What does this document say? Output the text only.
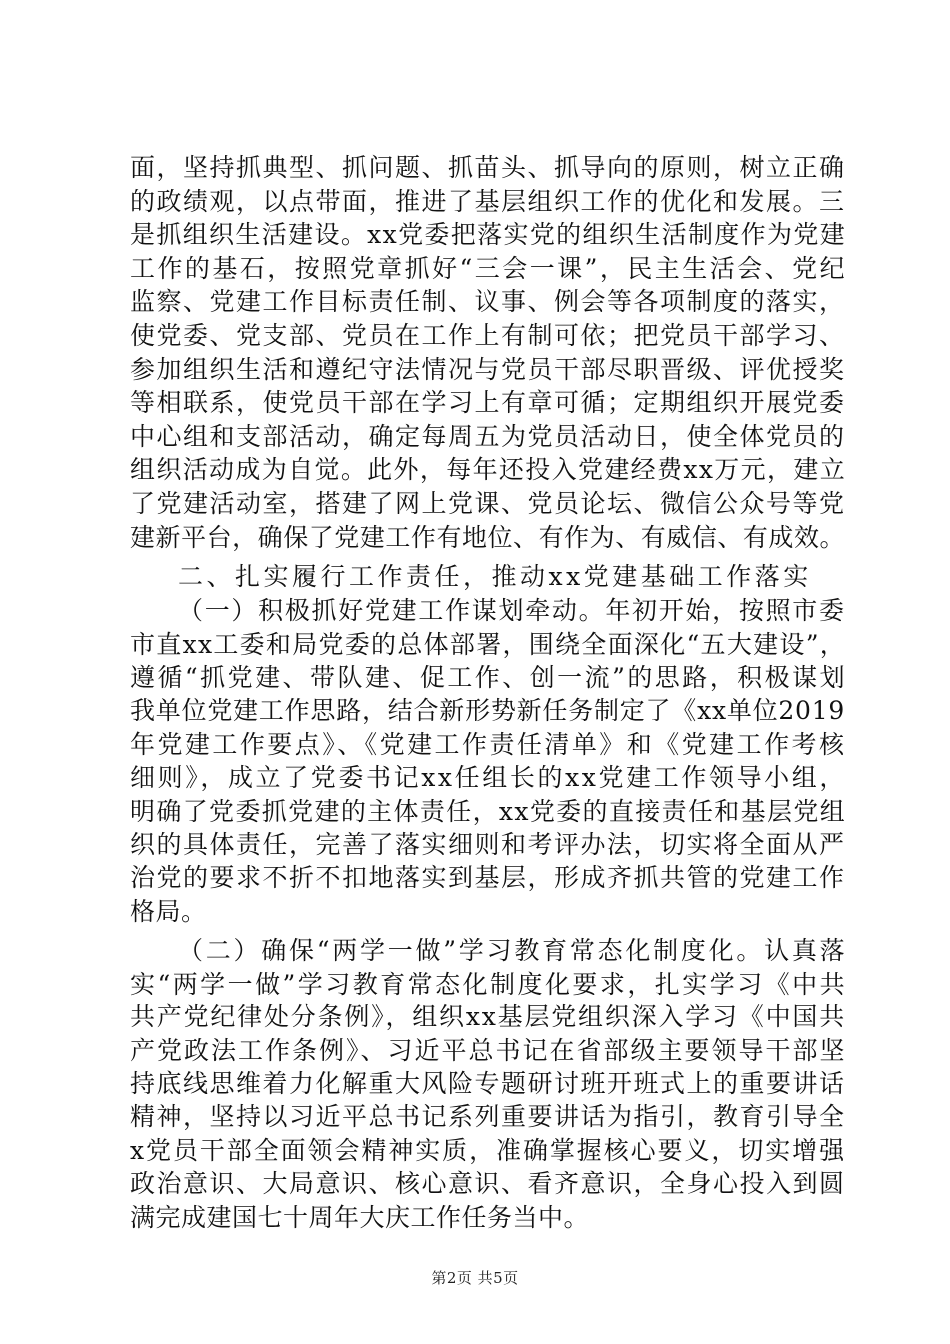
面，坚持抓典型、抓问题、抓苗头、抓导向的原则，树立正确
的政绩观，以点带面，推进了基层组织工作的优化和发展。三
是抓组织生活建设。xx党委把落实党的组织生活制度作为党建
工作的基石，按照党章抓好“三会一课”，民主生活会、党纪
监察、党建工作目标责任制、议事、例会等各项制度的落实，
使党委、党支部、党员在工作上有制可依；把党员干部学习、
参加组织生活和遵纪守法情况与党员干部尽职晋级、评优授奖
等相联系，使党员干部在学习上有章可循；定期组织开展党委
中心组和支部活动，确定每周五为党员活动日，使全体党员的
组织活动成为自觉。此外，每年还投入党建经费xx万元，建立
了党建活动室，搭建了网上党课、党员论坛、微信公众号等党
建新平台，确保了党建工作有地位、有作为、有威信、有成效。
二、扎实履行工作责任，推动xx党建基础工作落实
（一）积极抓好党建工作谋划牵动。年初开始，按照市委
市直xx工委和局党委的总体部署，围绕全面深化“五大建设”，
遵循“抓党建、带队建、促工作、创一流”的思路，积极谋划
我单位党建工作思路，结合新形势新任务制定了《xx单位2019
年党建工作要点》、《党建工作责任清单》和《党建工作考核
细则》，成立了党委书记xx任组长的xx党建工作领导小组，
明确了党委抓党建的主体责任，xx党委的直接责任和基层党组
织的具体责任，完善了落实细则和考评办法，切实将全面从严
治党的要求不折不扣地落实到基层，形成齐抓共管的党建工作
格局。
（二）确保“两学一做”学习教育常态化制度化。认真落
实“两学一做”学习教育常态化制度化要求，扎实学习《中共
共产党纪律处分条例》，组织xx基层党组织深入学习《中国共
产党政法工作条例》、习近平总书记在省部级主要领导干部坚
持底线思维着力化解重大风险专题研讨班开班式上的重要讲话
精神，坚持以习近平总书记系列重要讲话为指引，教育引导全
x党员干部全面领会精神实质，准确掌握核心要义，切实增强
政治意识、大局意识、核心意识、看齐意识，全身心投入到圆
满完成建国七十周年大庆工作任务当中。
第2页 共5页
